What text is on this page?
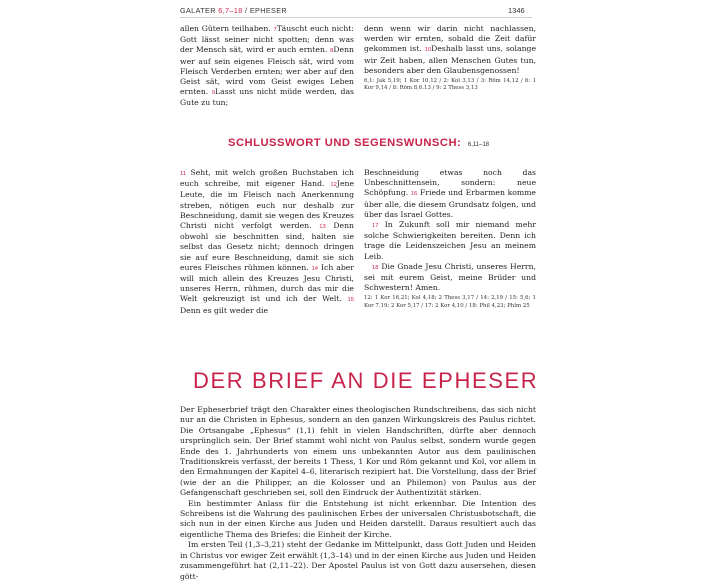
GALATER 6,7–18 / EPHESER	1346

allen Gütern teilhaben. 7Täuscht euch nicht: Gott lässt seiner nicht spotten; denn was der Mensch sät, wird er auch ernten. 8Denn wer auf sein eigenes Fleisch sät, wird vom Fleisch Verderben ernten; wer aber auf den Geist sät, wird vom Geist ewiges Leben ernten. 9Lasst uns nicht müde werden, das Gute zu tun;

denn wenn wir darin nicht nachlassen, werden wir ernten, sobald die Zeit dafür gekommen ist. 10Deshalb lasst uns, solange wir Zeit haben, allen Menschen Gutes tun, besonders aber den Glaubensgenossen!

6,1: Jak 5,19; 1 Kor 10,12 / 2: Kol 3,13 / 3: Röm 14,12 / 6: 1 Kor 9,14 / 8: Röm 8,6.13 / 9: 2 Thess 3,13
SCHLUSSWORT UND SEGENSWUNSCH: 6,11–18

11 Seht, mit welch großen Buchstaben ich euch schreibe, mit eigener Hand. 12Jene Leute, die im Fleisch nach Anerkennung streben, nötigen euch nur deshalb zur Beschneidung, damit sie wegen des Kreuzes Christi nicht verfolgt werden. 13 Denn obwohl sie beschnitten sind, halten sie selbst das Gesetz nicht; dennoch dringen sie auf eure Beschneidung, damit sie sich eures Fleisches rühmen können. 14 Ich aber will mich allein des Kreuzes Jesu Christi, unseres Herrn, rühmen, durch das mir die Welt gekreuzigt ist und ich der Welt. 15 Denn es gilt weder die

Beschneidung etwas noch das Unbeschnittensein, sondern: neue Schöpfung. 16 Friede und Erbarmen komme über alle, die diesem Grundsatz folgen, und über das Israel Gottes.

17 In Zukunft soll mir niemand mehr solche Schwierigkeiten bereiten. Denn ich trage die Leidenszeichen Jesu an meinem Leib.

18 Die Gnade Jesu Christi, unseres Herrn, sei mit eurem Geist, meine Brüder und Schwestern! Amen.

12: 1 Kor 16,21; Kol 4,18; 2 Thess 3,17 / 14: 2,19 / 15: 5,6; 1 Kor 7,19; 2 Kor 5,17 / 17: 2 Kor 4,10 / 18: Phil 4,23; Phlm 25
DER BRIEF AN DIE EPHESER

Der Epheserbrief trägt den Charakter eines theologischen Rundschreibens, das sich nicht nur an die Christen in Ephesus, sondern an den ganzen Wirkungskreis des Paulus richtet. Die Ortsangabe „Ephesus“ (1,1) fehlt in vielen Handschriften, dürfte aber dennoch ursprünglich sein. Der Brief stammt wohl nicht von Paulus selbst, sondern wurde gegen Ende des 1. Jahrhunderts von einem uns unbekannten Autor aus dem paulinischen Traditionskreis verfasst, der bereits 1 Thess, 1 Kor und Röm gekannt und Kol, vor allem in den Ermahnungen der Kapitel 4–6, literarisch rezipiert hat. Die Vorstellung, dass der Brief (wie der an die Philipper, an die Kolosser und an Philemon) von Paulus aus der Gefangenschaft geschrieben sei, soll den Eindruck der Authentizität stärken.

Ein bestimmter Anlass für die Entstehung ist nicht erkennbar. Die Intention des Schreibens ist die Wahrung des paulinischen Erbes der universalen Christusbotschaft, die sich nun in der einen Kirche aus Juden und Heiden darstellt. Daraus resultiert auch das eigentliche Thema des Briefes: die Einheit der Kirche.

Im ersten Teil (1,3–3,21) steht der Gedanke im Mittelpunkt, dass Gott Juden und Heiden in Christus vor ewiger Zeit erwählt (1,3–14) und in der einen Kirche aus Juden und Heiden zusammengeführt hat (2,11–22). Der Apostel Paulus ist von Gott dazu ausersehen, diesen gött-
